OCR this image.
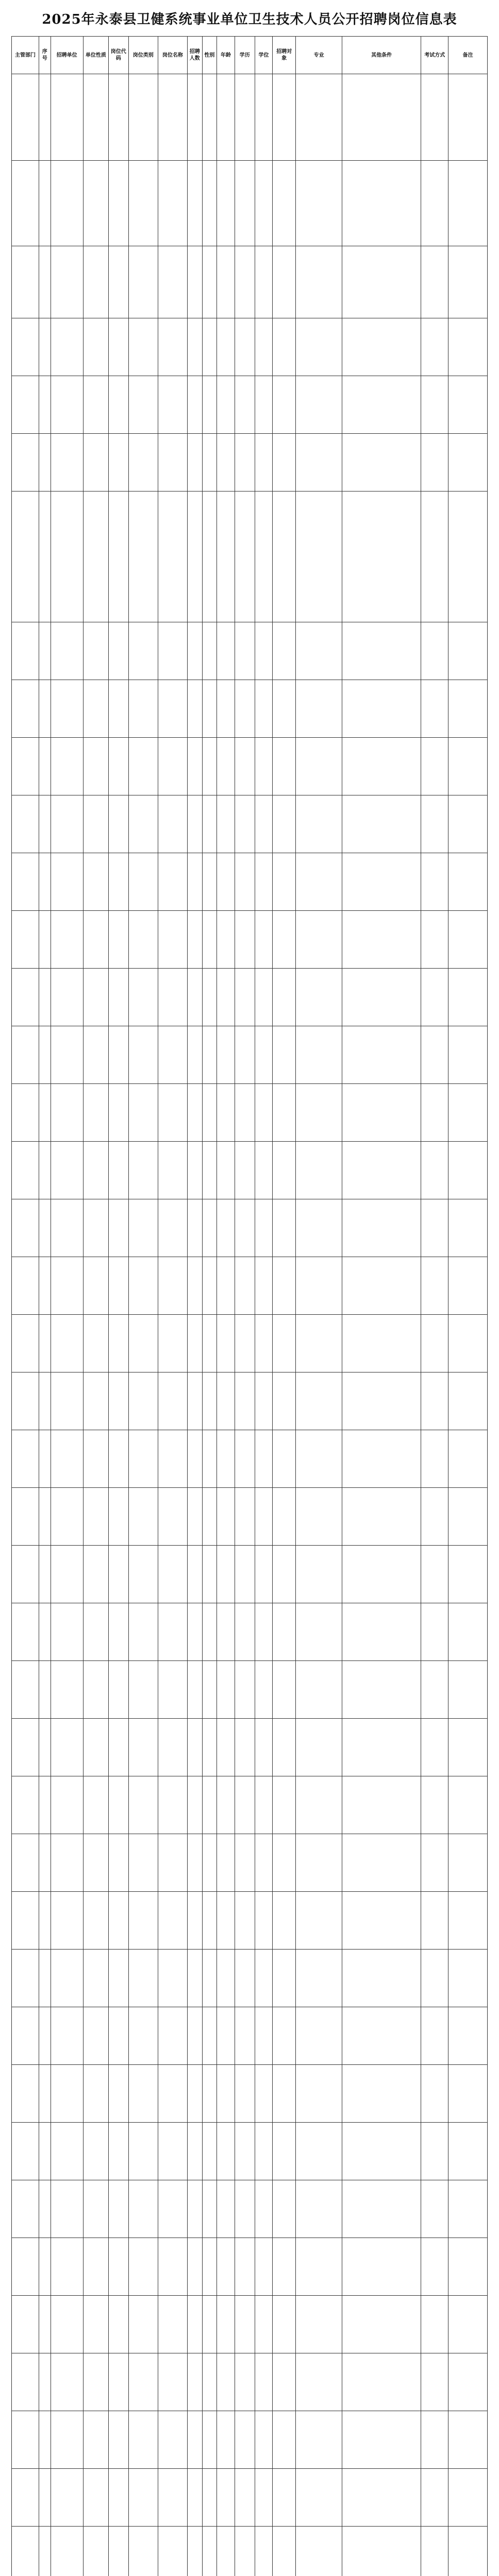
2025年永泰县卫健系统事业单位卫生技术人员公开招聘岗位信息表
主管部门	序号	招聘单位	单位性质	岗位代码	岗位类别	岗位名称	招聘人数	性别	年龄	学历	学位	招聘对象	专业	其他条件	考试方式	备注
